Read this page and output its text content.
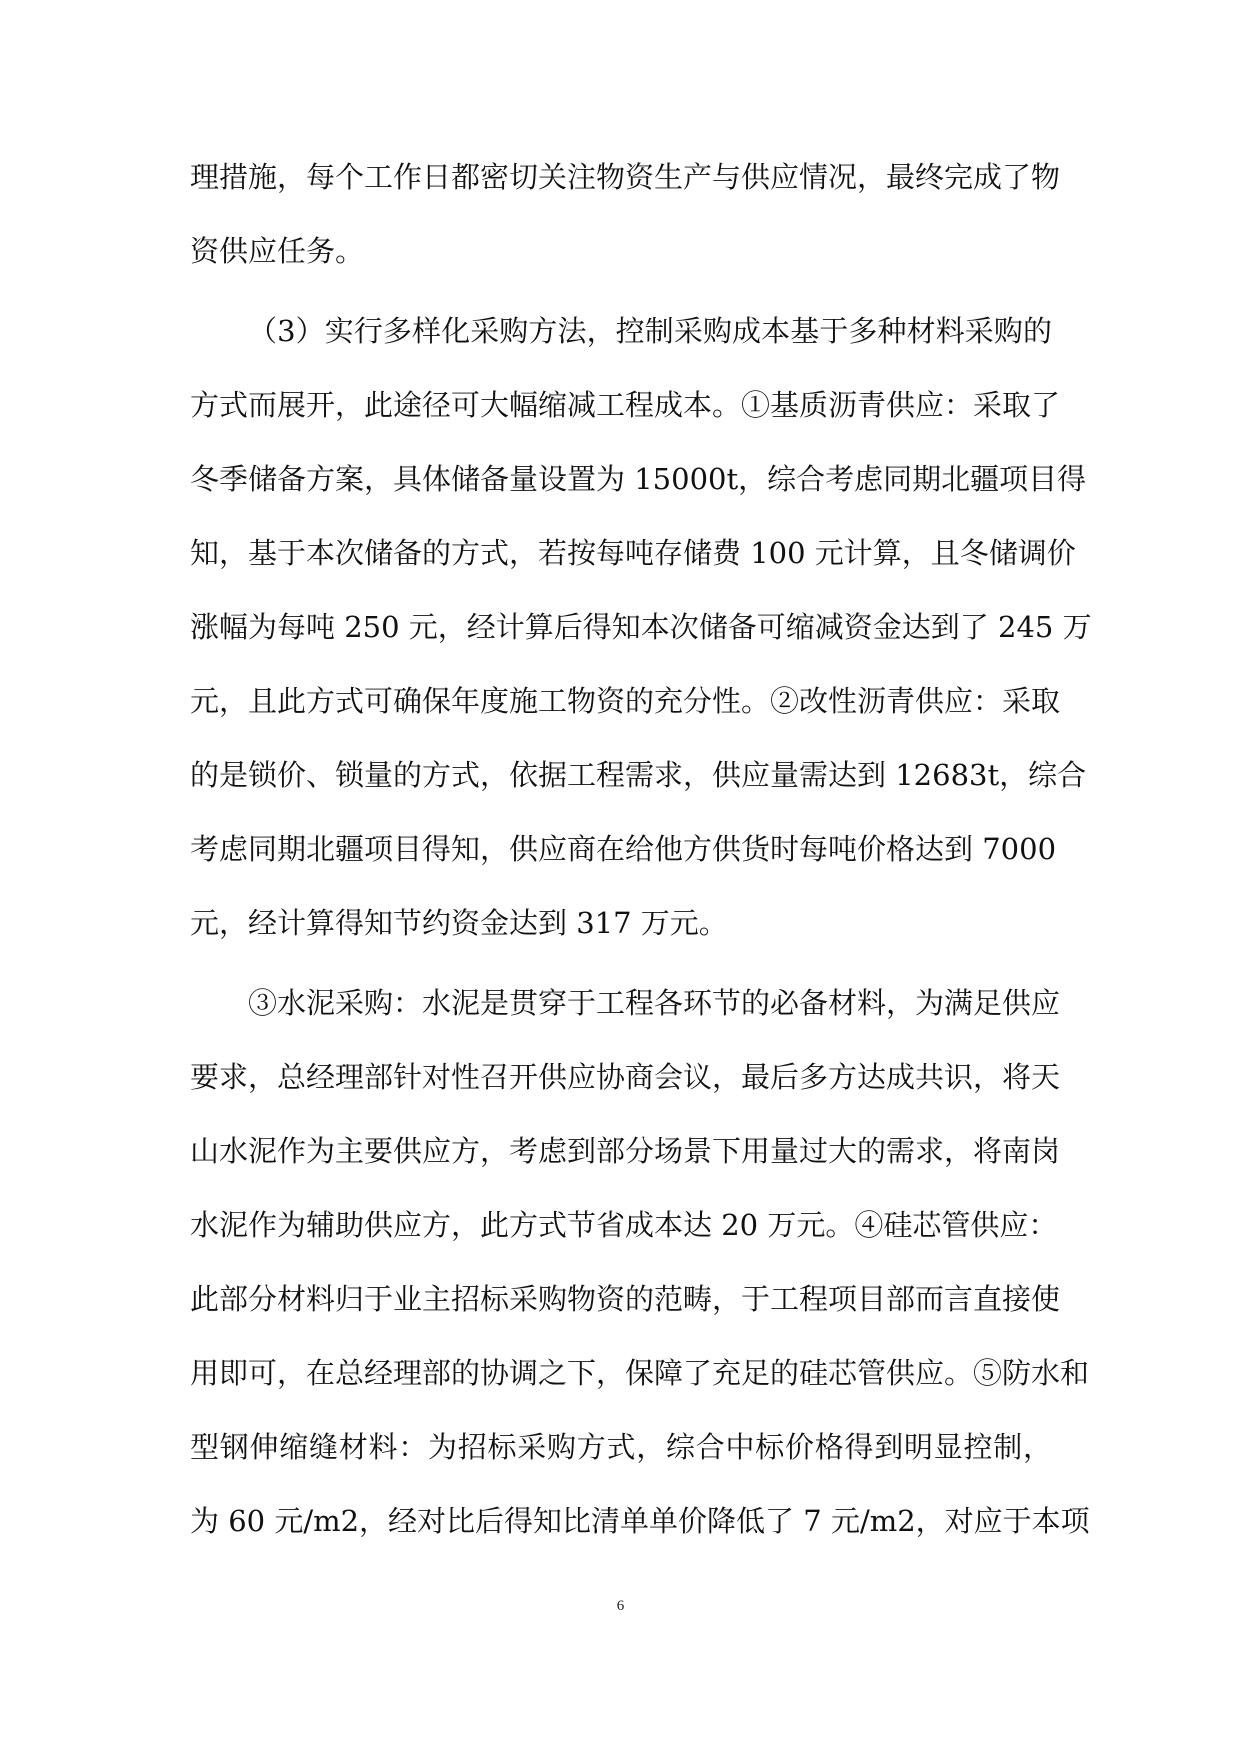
理措施，每个工作日都密切关注物资生产与供应情况，最终完成了物
资供应任务。
（3）实行多样化采购方法，控制采购成本基于多种材料采购的
方式而展开，此途径可大幅缩减工程成本。①基质沥青供应：采取了
冬季储备方案，具体储备量设置为 15000t，综合考虑同期北疆项目得
知，基于本次储备的方式，若按每吨存储费 100 元计算，且冬储调价
涨幅为每吨 250 元，经计算后得知本次储备可缩减资金达到了 245 万
元，且此方式可确保年度施工物资的充分性。②改性沥青供应：采取
的是锁价、锁量的方式，依据工程需求，供应量需达到 12683t，综合
考虑同期北疆项目得知，供应商在给他方供货时每吨价格达到 7000
元，经计算得知节约资金达到 317 万元。
③水泥采购：水泥是贯穿于工程各环节的必备材料，为满足供应
要求，总经理部针对性召开供应协商会议，最后多方达成共识，将天
山水泥作为主要供应方，考虑到部分场景下用量过大的需求，将南岗
水泥作为辅助供应方，此方式节省成本达 20 万元。④硅芯管供应：
此部分材料归于业主招标采购物资的范畴，于工程项目部而言直接使
用即可，在总经理部的协调之下，保障了充足的硅芯管供应。⑤防水和
型钢伸缩缝材料：为招标采购方式，综合中标价格得到明显控制，
为 60 元/m2，经对比后得知比清单单价降低了 7 元/m2，对应于本项
6
